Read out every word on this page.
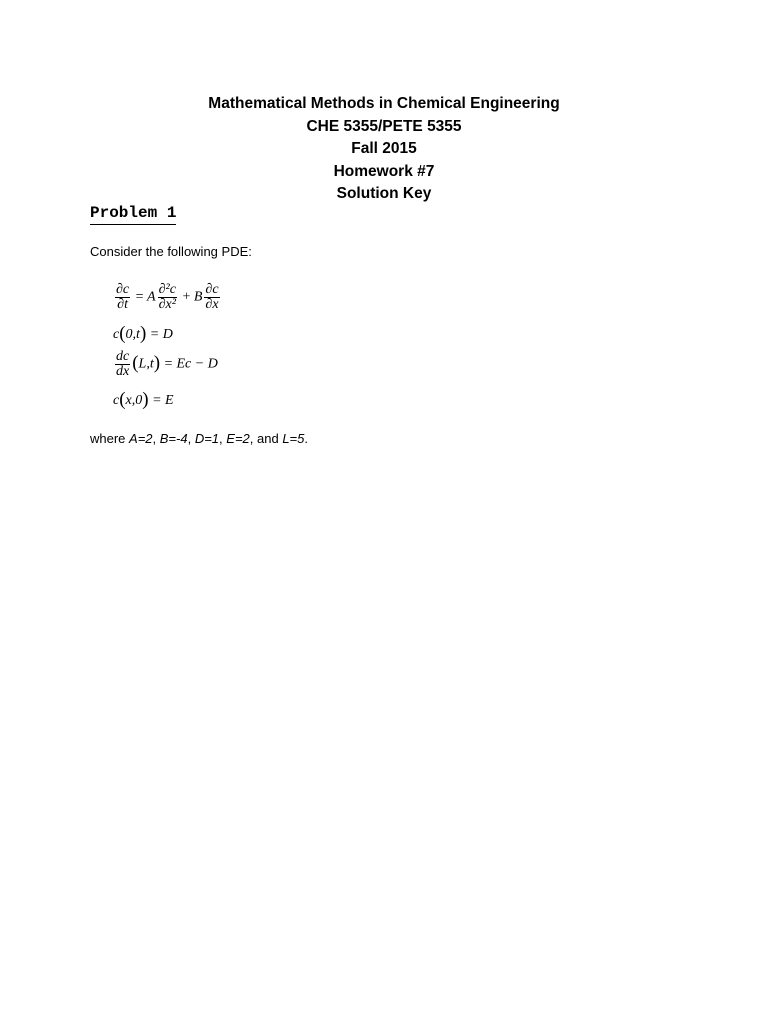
Mathematical Methods in Chemical Engineering
CHE 5355/PETE 5355
Fall 2015
Homework #7
Solution Key
Problem 1
Consider the following PDE:
$\frac{\partial c}{\partial t} = A \frac{\text{∂²c}}{\text{∂x²}} + B \frac{\partial c}{\partial x}$
c(0,t) = D
$\frac{dc}{dx} (L,t) = Ec - D$
c(x,0) = E
where A=2, B=-4, D=1, E=2, and L=5.
